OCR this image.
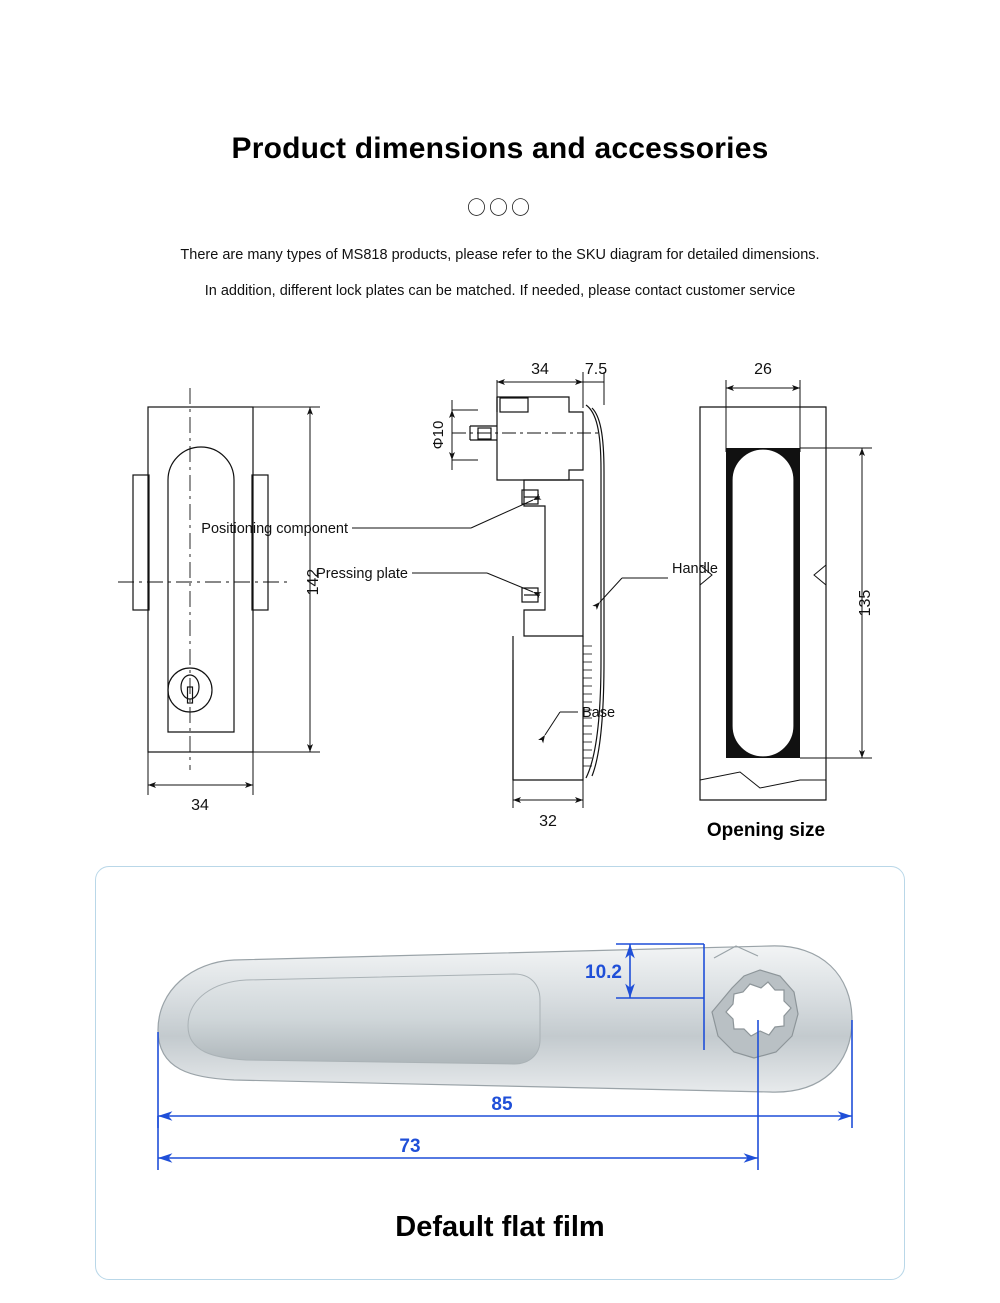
Product dimensions and accessories
〇〇〇
There are many types of MS818 products, please refer to the SKU diagram for detailed dimensions.
In addition, different lock plates can be matched. If needed, please contact customer service
142
34
34 7.5
Φ10
32
Positioning component
Pressing plate	Handle
Base
26
135
Opening size
10.2
85
73
Default flat film
